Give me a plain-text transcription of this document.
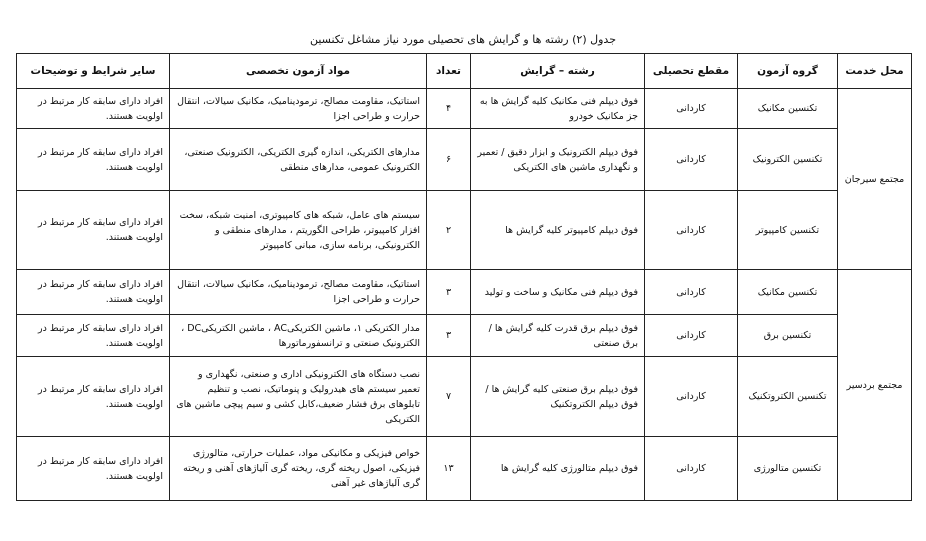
جدول (۲) رشته ها و گرایش های تحصیلی مورد نیاز مشاغل تکنسین
محل خدمت	گروه آزمون	مقطع تحصیلی	رشته – گرایش	تعداد	مواد آزمون تخصصی	سایر شرایط و توضیحات
مجتمع سیرجان	تکنسین مکانیک	کاردانی	فوق دیپلم فنی مکانیک کلیه گرایش ها به جز مکانیک خودرو	۴	استاتیک، مقاومت مصالح، ترمودینامیک، مکانیک سیالات، انتقال حرارت و طراحی اجزا	افراد دارای سابقه کار مرتبط در اولویت هستند.
	تکنسین الکترونیک	کاردانی	فوق دیپلم الکترونیک و ابزار دقیق / تعمیر و نگهداری ماشین های الکتریکی	۶	مدارهای الکتریکی، اندازه گیری الکتریکی، الکترونیک صنعتی، الکترونیک عمومی، مدارهای منطقی	افراد دارای سابقه کار مرتبط در اولویت هستند.
	تکنسین کامپیوتر	کاردانی	فوق دیپلم کامپیوتر کلیه گرایش ها	۲	سیستم های عامل، شبکه های کامپیوتری، امنیت شبکه، سخت افزار کامپیوتر، طراحی الگوریتم ، مدارهای منطقی و الکترونیکی، برنامه سازی، مبانی کامپیوتر	افراد دارای سابقه کار مرتبط در اولویت هستند.
مجتمع بردسیر	تکنسین مکانیک	کاردانی	فوق دیپلم فنی مکانیک و ساخت و تولید	۳	استاتیک، مقاومت مصالح، ترمودینامیک، مکانیک سیالات، انتقال حرارت و طراحی اجزا	افراد دارای سابقه کار مرتبط در اولویت هستند.
	تکنسین برق	کاردانی	فوق دیپلم برق قدرت کلیه گرایش ها / برق صنعتی	۳	مدار الکتریکی ۱، ماشین الکتریکیAC ، ماشین الکتریکیDC ، الکترونیک صنعتی و ترانسفورماتورها	افراد دارای سابقه کار مرتبط در اولویت هستند.
	تکنسین الکتروتکنیک	کاردانی	فوق دیپلم برق صنعتی کلیه گرایش ها / فوق دیپلم الکتروتکنیک	۷	نصب دستگاه های الکترونیکی اداری و صنعتی، نگهداری و تعمیر سیستم های هیدرولیک و پنوماتیک، نصب و تنظیم تابلوهای برق فشار ضعیف،کابل کشی و سیم پیچی ماشین های الکتریکی	افراد دارای سابقه کار مرتبط در اولویت هستند.
	تکنسین متالورژی	کاردانی	فوق دیپلم متالورژی کلیه گرایش ها	۱۳	خواص فیزیکی و مکانیکی مواد، عملیات حرارتی، متالورژی فیزیکی، اصول ریخته گری، ریخته گری آلیاژهای آهنی و ریخته گری آلیاژهای غیر آهنی	افراد دارای سابقه کار مرتبط در اولویت هستند.
